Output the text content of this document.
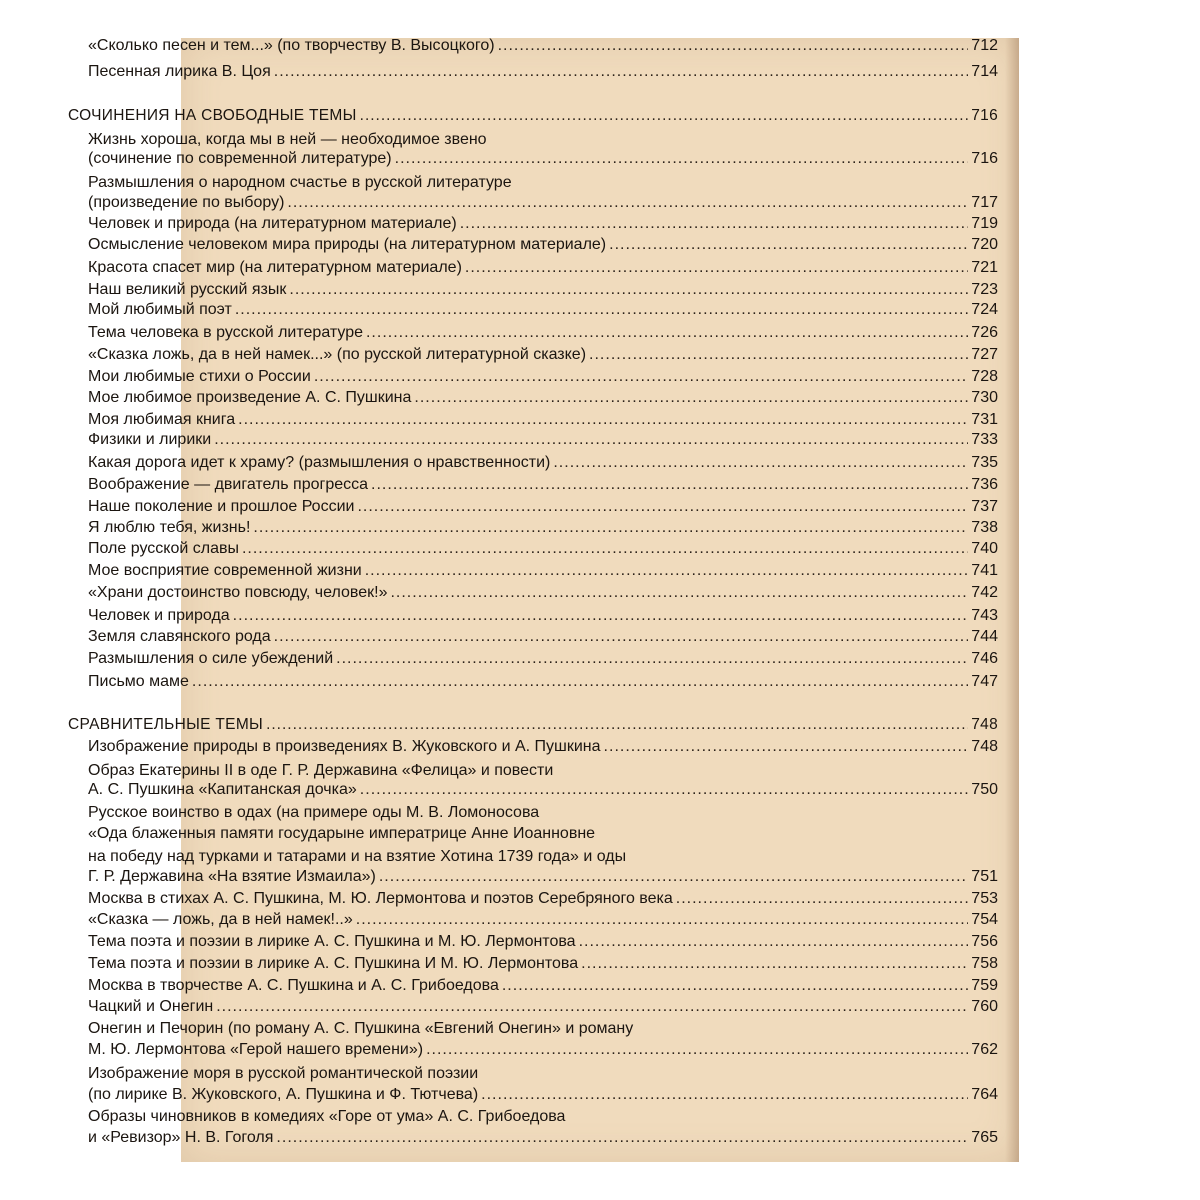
«Сколько песен и тем...» (по творчеству В. Высоцкого) .....	712
Песенная лирика В. Цоя .....	714
СОЧИНЕНИЯ НА СВОБОДНЫЕ ТЕМЫ .....	716
Жизнь хороша, когда мы в ней — необходимое звено
(сочинение по современной литературе) .....	716
Размышления о народном счастье в русской литературе
(произведение по выбору) .....	717
Человек и природа (на литературном материале) .....	719
Осмысление человеком мира природы (на литературном материале) .....	720
Красота спасет мир (на литературном материале) .....	721
Наш великий русский язык .....	723
Мой любимый поэт .....	724
Тема человека в русской литературе .....	726
«Сказка ложь, да в ней намек...» (по русской литературной сказке) .....	727
Мои любимые стихи о России .....	728
Мое любимое произведение А. С. Пушкина .....	730
Моя любимая книга .....	731
Физики и лирики .....	733
Какая дорога идет к храму? (размышления о нравственности) .....	735
Воображение — двигатель прогресса .....	736
Наше поколение и прошлое России .....	737
Я люблю тебя, жизнь! .....	738
Поле русской славы .....	740
Мое восприятие современной жизни .....	741
«Храни достоинство повсюду, человек!» .....	742
Человек и природа .....	743
Земля славянского рода .....	744
Размышления о силе убеждений .....	746
Письмо маме .....	747
СРАВНИТЕЛЬНЫЕ ТЕМЫ .....	748
Изображение природы в произведениях В. Жуковского и А. Пушкина .....	748
Образ Екатерины II в оде Г. Р. Державина «Фелица» и повести
А. С. Пушкина «Капитанская дочка» .....	750
Русское воинство в одах (на примере оды М. В. Ломоносова
«Ода блаженныя памяти государыне императрице Анне Иоанновне
на победу над турками и татарами и на взятие Хотина 1739 года» и оды
Г. Р. Державина «На взятие Измаила») .....	751
Москва в стихах А. С. Пушкина, М. Ю. Лермонтова и поэтов Серебряного века .....	753
«Сказка — ложь, да в ней намек!..» .....	754
Тема поэта и поэзии в лирике А. С. Пушкина и М. Ю. Лермонтова .....	756
Тема поэта и поэзии в лирике А. С. Пушкина И М. Ю. Лермонтова .....	758
Москва в творчестве А. С. Пушкина и А. С. Грибоедова .....	759
Чацкий и Онегин .....	760
Онегин и Печорин (по роману А. С. Пушкина «Евгений Онегин» и роману
М. Ю. Лермонтова «Герой нашего времени») .....	762
Изображение моря в русской романтической поэзии
(по лирике В. Жуковского, А. Пушкина и Ф. Тютчева) .....	764
Образы чиновников в комедиях «Горе от ума» А. С. Грибоедова
и «Ревизор» Н. В. Гоголя .....	765
